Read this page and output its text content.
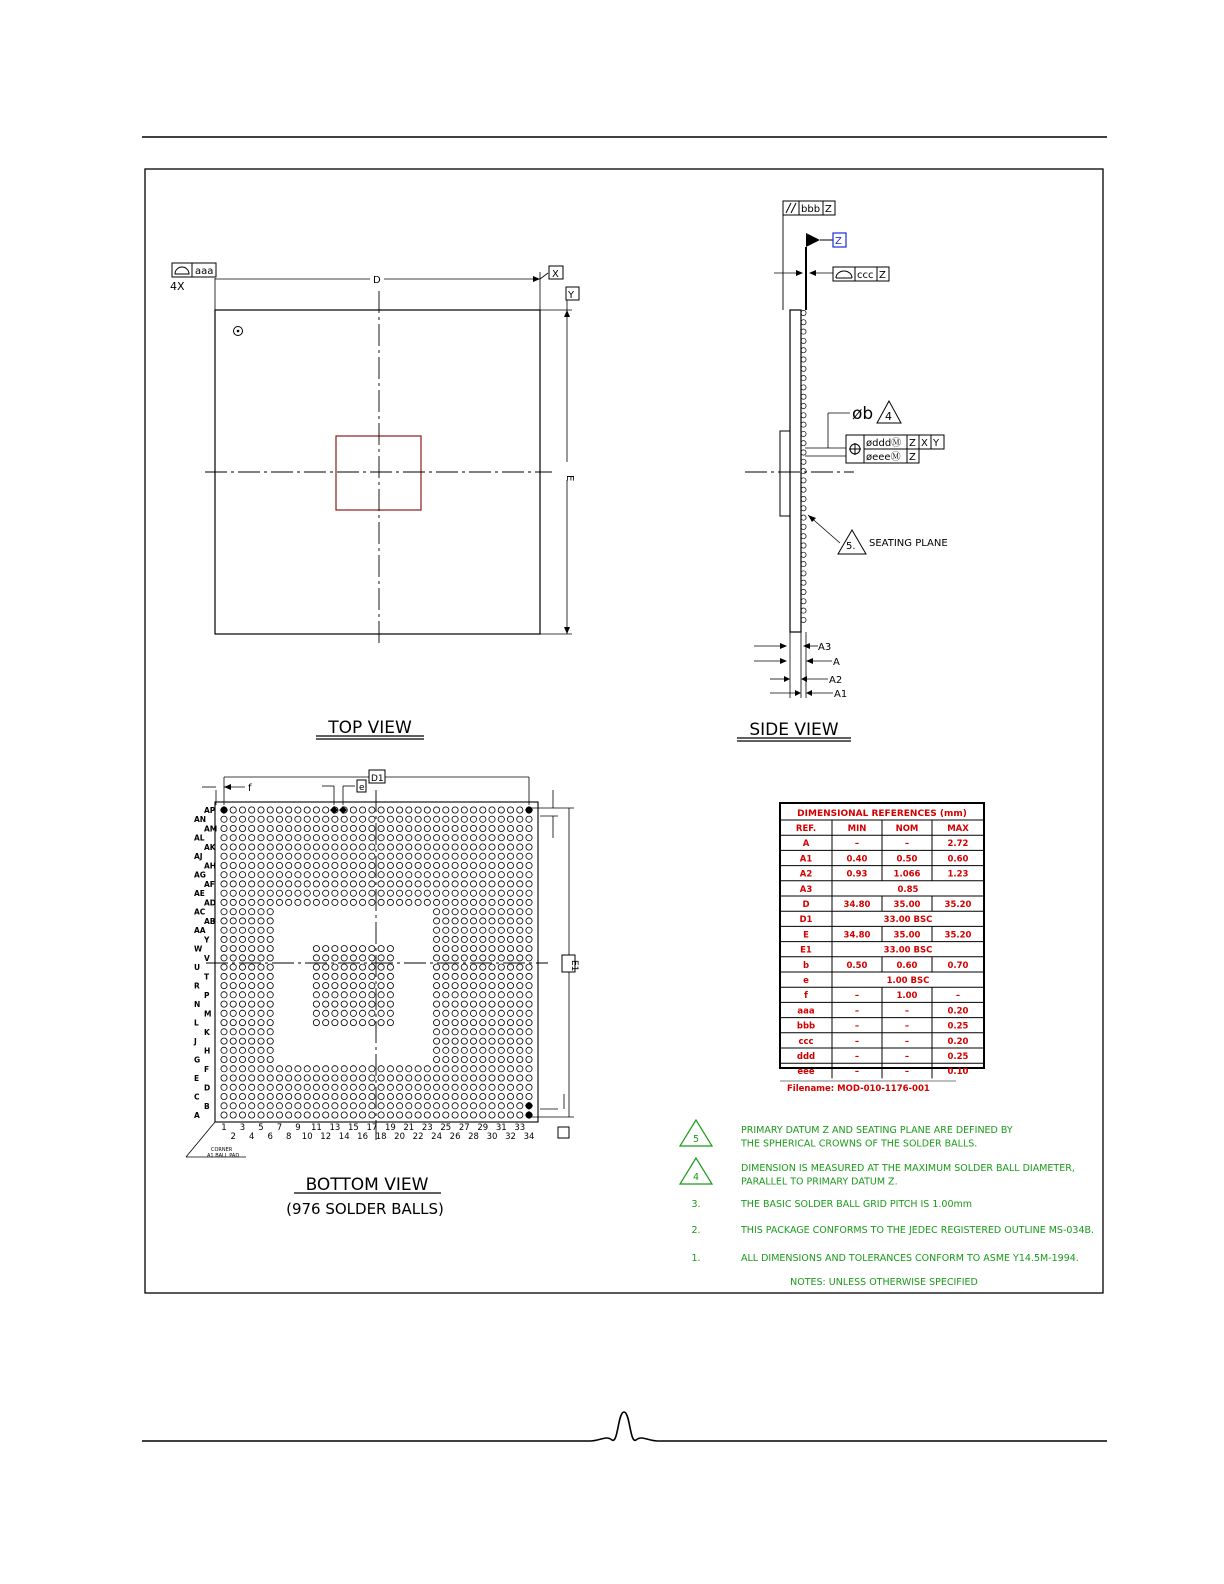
aaa
4X	D
X
E
Y
TOP VIEW
bbb Z
Z
ccc Z
øb 4
ødddⓂ Z X Y
øeeeⓂ Z
5. SEATING PLANE
A3
A
A2
A1
SIDE VIEW
D1
f	e
E1
A
B
C
D
E
F
G
H
J
K
L
M
N
P
R
T
U
V
W
Y
AA
AB
AC
AD
AE
AF
AG
AH
AJ
AK
AL
AM
AN
AP
1 3 5 7 9 11 13 15 17 19 21 23 25 27 29 31 33
2 4 6 8 10 12 14 16 18 20 22 24 26 28 30 32 34
CORNER
A1 BALL PAD
BOTTOM VIEW
(976 SOLDER BALLS)
DIMENSIONAL REFERENCES (mm)
REF.	MIN	NOM	MAX
A	–	–	2.72
A1	0.40	0.50	0.60
A2	0.93	1.066	1.23
A3	0.85
D	34.80	35.00	35.20
D1	33.00 BSC
E	34.80	35.00	35.20
E1	33.00 BSC
b	0.50	0.60	0.70
e	1.00 BSC
f	–	1.00	–
aaa	–	–	0.20
bbb	–	–	0.25
ccc	–	–	0.20
ddd	–	–	0.25
eee	–	–	0.10
Filename: MOD-010-1176-001
5
PRIMARY DATUM Z AND SEATING PLANE ARE DEFINED BY
THE SPHERICAL CROWNS OF THE SOLDER BALLS.
4
DIMENSION IS MEASURED AT THE MAXIMUM SOLDER BALL DIAMETER,
PARALLEL TO PRIMARY DATUM Z.
3.	THE BASIC SOLDER BALL GRID PITCH IS 1.00mm
2.	THIS PACKAGE CONFORMS TO THE JEDEC REGISTERED OUTLINE MS-034B.
1.	ALL DIMENSIONS AND TOLERANCES CONFORM TO ASME Y14.5M-1994.
NOTES: UNLESS OTHERWISE SPECIFIED
